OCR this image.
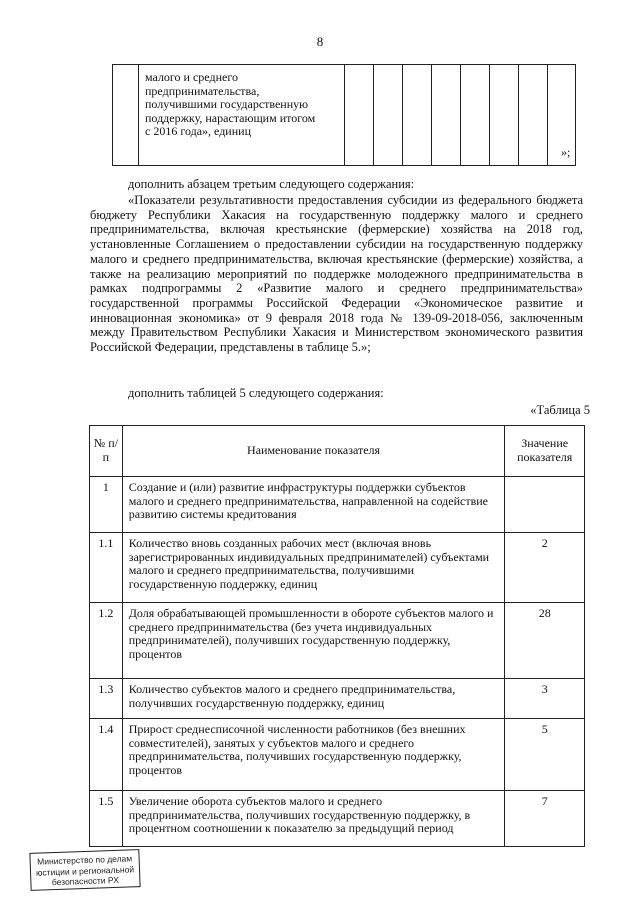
8

малого и среднего
предпринимательства,
получившими государственную
поддержку, нарастающим итогом
с 2016 года», единиц

»;
дополнить абзацем третьим следующего содержания:
«Показатели результативности предоставления субсидии из федерального бюджета бюджету Республики Хакасия на государственную поддержку малого и среднего предпринимательства, включая крестьянские (фермерские) хозяйства на 2018 год, установленные Соглашением о предоставлении субсидии на государственную поддержку малого и среднего предпринимательства, включая крестьянские (фермерские) хозяйства, а также на реализацию мероприятий по поддержке молодежного предпринимательства в рамках подпрограммы 2 «Развитие малого и среднего предпринимательства» государственной программы Российской Федерации «Экономическое развитие и инновационная экономика» от 9 февраля 2018 года № 139-09-2018-056, заключенным между Правительством Республики Хакасия и Министерством экономического развития Российской Федерации, представлены в таблице 5.»;
дополнить таблицей 5 следующего содержания:
«Таблица 5
№ п/п	Наименование показателя	Значение показателя
1	Создание и (или) развитие инфраструктуры поддержки субъектов малого и среднего предпринимательства, направленной на содействие развитию системы кредитования	
1.1	Количество вновь созданных рабочих мест (включая вновь зарегистрированных индивидуальных предпринимателей) субъектами малого и среднего предпринимательства, получившими государственную поддержку, единиц	2
1.2	Доля обрабатывающей промышленности в обороте субъектов малого и среднего предпринимательства (без учета индивидуальных предпринимателей), получивших государственную поддержку, процентов	28
1.3	Количество субъектов малого и среднего предпринимательства, получивших государственную поддержку, единиц	3
1.4	Прирост среднесписочной численности работников (без внешних совместителей), занятых у субъектов малого и среднего предпринимательства, получивших государственную поддержку, процентов	5
1.5	Увеличение оборота субъектов малого и среднего предпринимательства, получивших государственную поддержку, в процентном соотношении к показателю за предыдущий период	7
Министерство по делам
юстиции и региональной
безопасности РХ
